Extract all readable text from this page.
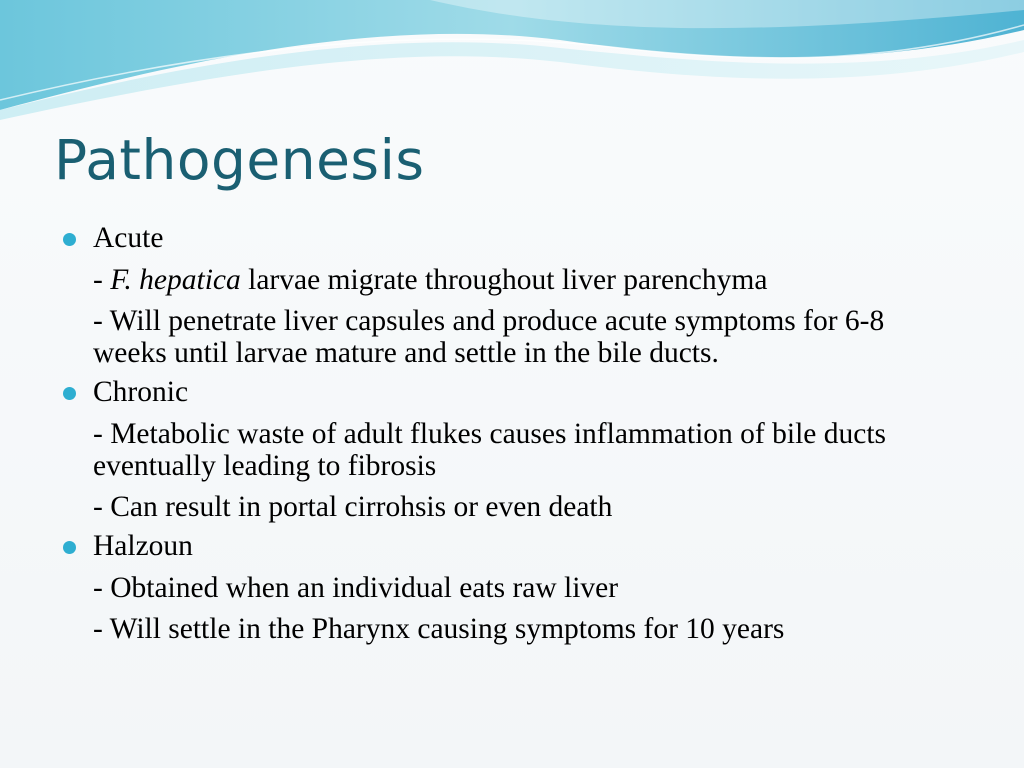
Pathogenesis
Acute
- F. hepatica larvae migrate throughout liver parenchyma
- Will penetrate liver capsules and produce acute symptoms for 6-8 weeks until larvae mature and settle in the bile ducts.
Chronic
- Metabolic waste of adult flukes causes inflammation of bile ducts eventually leading to fibrosis
- Can result in portal cirrohsis or even death
Halzoun
- Obtained when an individual eats raw liver
- Will settle in the Pharynx causing symptoms for 10 years
